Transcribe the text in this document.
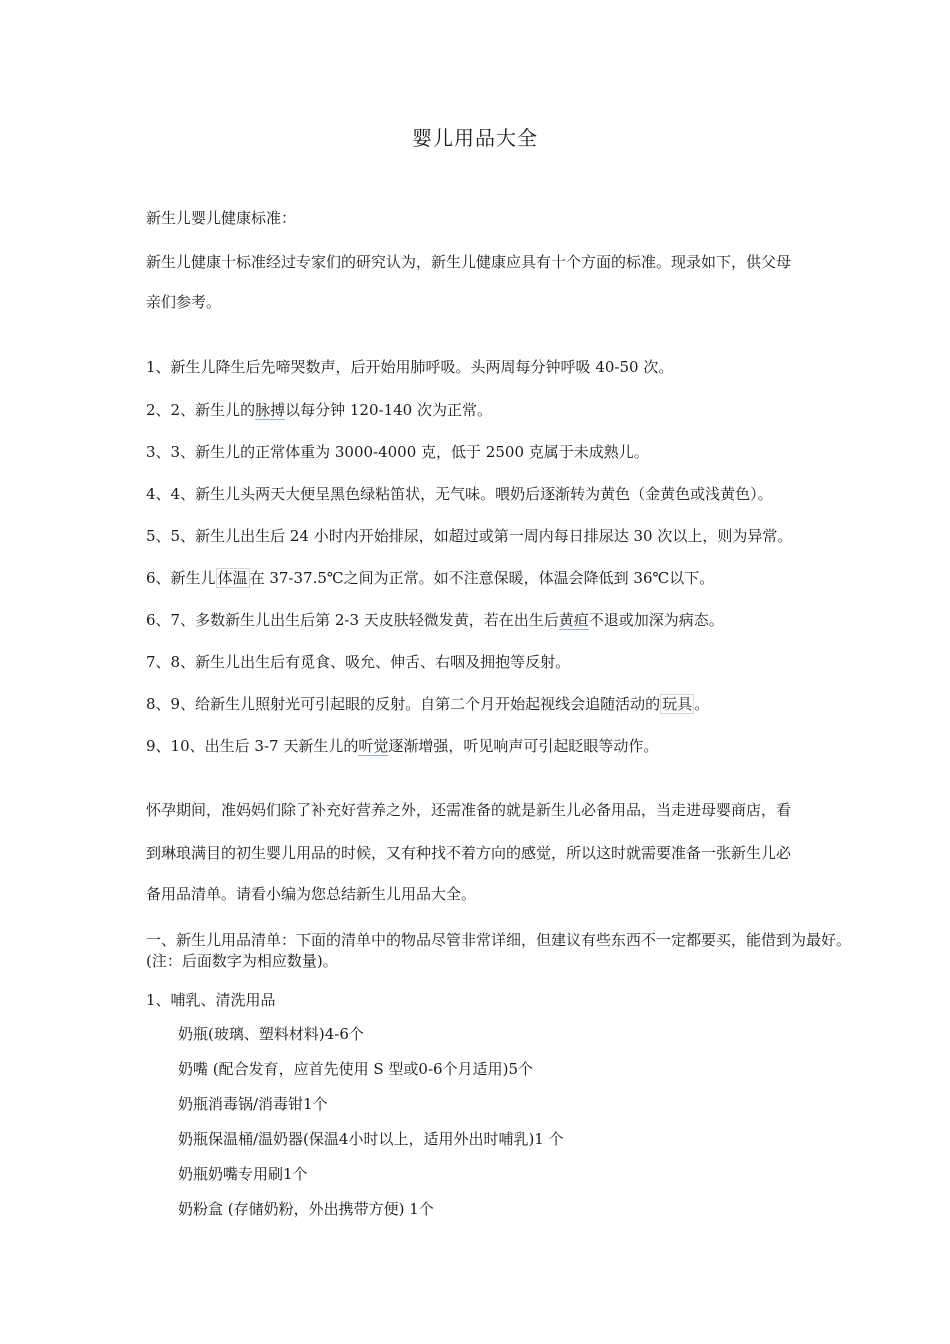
婴儿用品大全
新生儿婴儿健康标准：
新生儿健康十标准经过专家们的研究认为，新生儿健康应具有十个方面的标准。现录如下，供父母
亲们参考。
1、新生儿降生后先啼哭数声，后开始用肺呼吸。头两周每分钟呼吸 40-50 次。
2、2、新生儿的脉搏以每分钟 120-140 次为正常。
3、3、新生儿的正常体重为 3000-4000 克，低于 2500 克属于未成熟儿。
4、4、新生儿头两天大便呈黑色绿粘笛状，无气味。喂奶后逐渐转为黄色（金黄色或浅黄色）。
5、5、新生儿出生后 24 小时内开始排尿，如超过或第一周内每日排尿达 30 次以上，则为异常。
6、新生儿 体温 在 37-37.5℃之间为正常。如不注意保暖，体温会降低到 36℃以下。
6、7、多数新生儿出生后第 2-3 天皮肤轻微发黄，若在出生后黄疸不退或加深为病态。
7、8、新生儿出生后有觅食、吸允、伸舌、右咽及拥抱等反射。
8、9、给新生儿照射光可引起眼的反射。自第二个月开始起视线会追随活动的 玩具 。
9、10、出生后 3-7 天新生儿的听觉逐渐增强，听见响声可引起眨眼等动作。
怀孕期间，准妈妈们除了补充好营养之外，还需准备的就是新生儿必备用品，当走进母婴商店，看
到琳琅满目的初生婴儿用品的时候，又有种找不着方向的感觉，所以这时就需要准备一张新生儿必
备用品清单。请看小编为您总结新生儿用品大全。
一、新生儿用品清单：下面的清单中的物品尽管非常详细，但建议有些东西不一定都要买，能借到为最好。(注：后面数字为相应数量)。
1、哺乳、清洗用品
奶瓶(玻璃、塑料材料)4-6个
奶嘴 (配合发育，应首先使用 S 型或0-6个月适用)5个
奶瓶消毒锅/消毒钳1个
奶瓶保温桶/温奶器(保温4小时以上，适用外出时哺乳)1 个
奶瓶奶嘴专用刷1个
奶粉盒 (存储奶粉，外出携带方便) 1个
